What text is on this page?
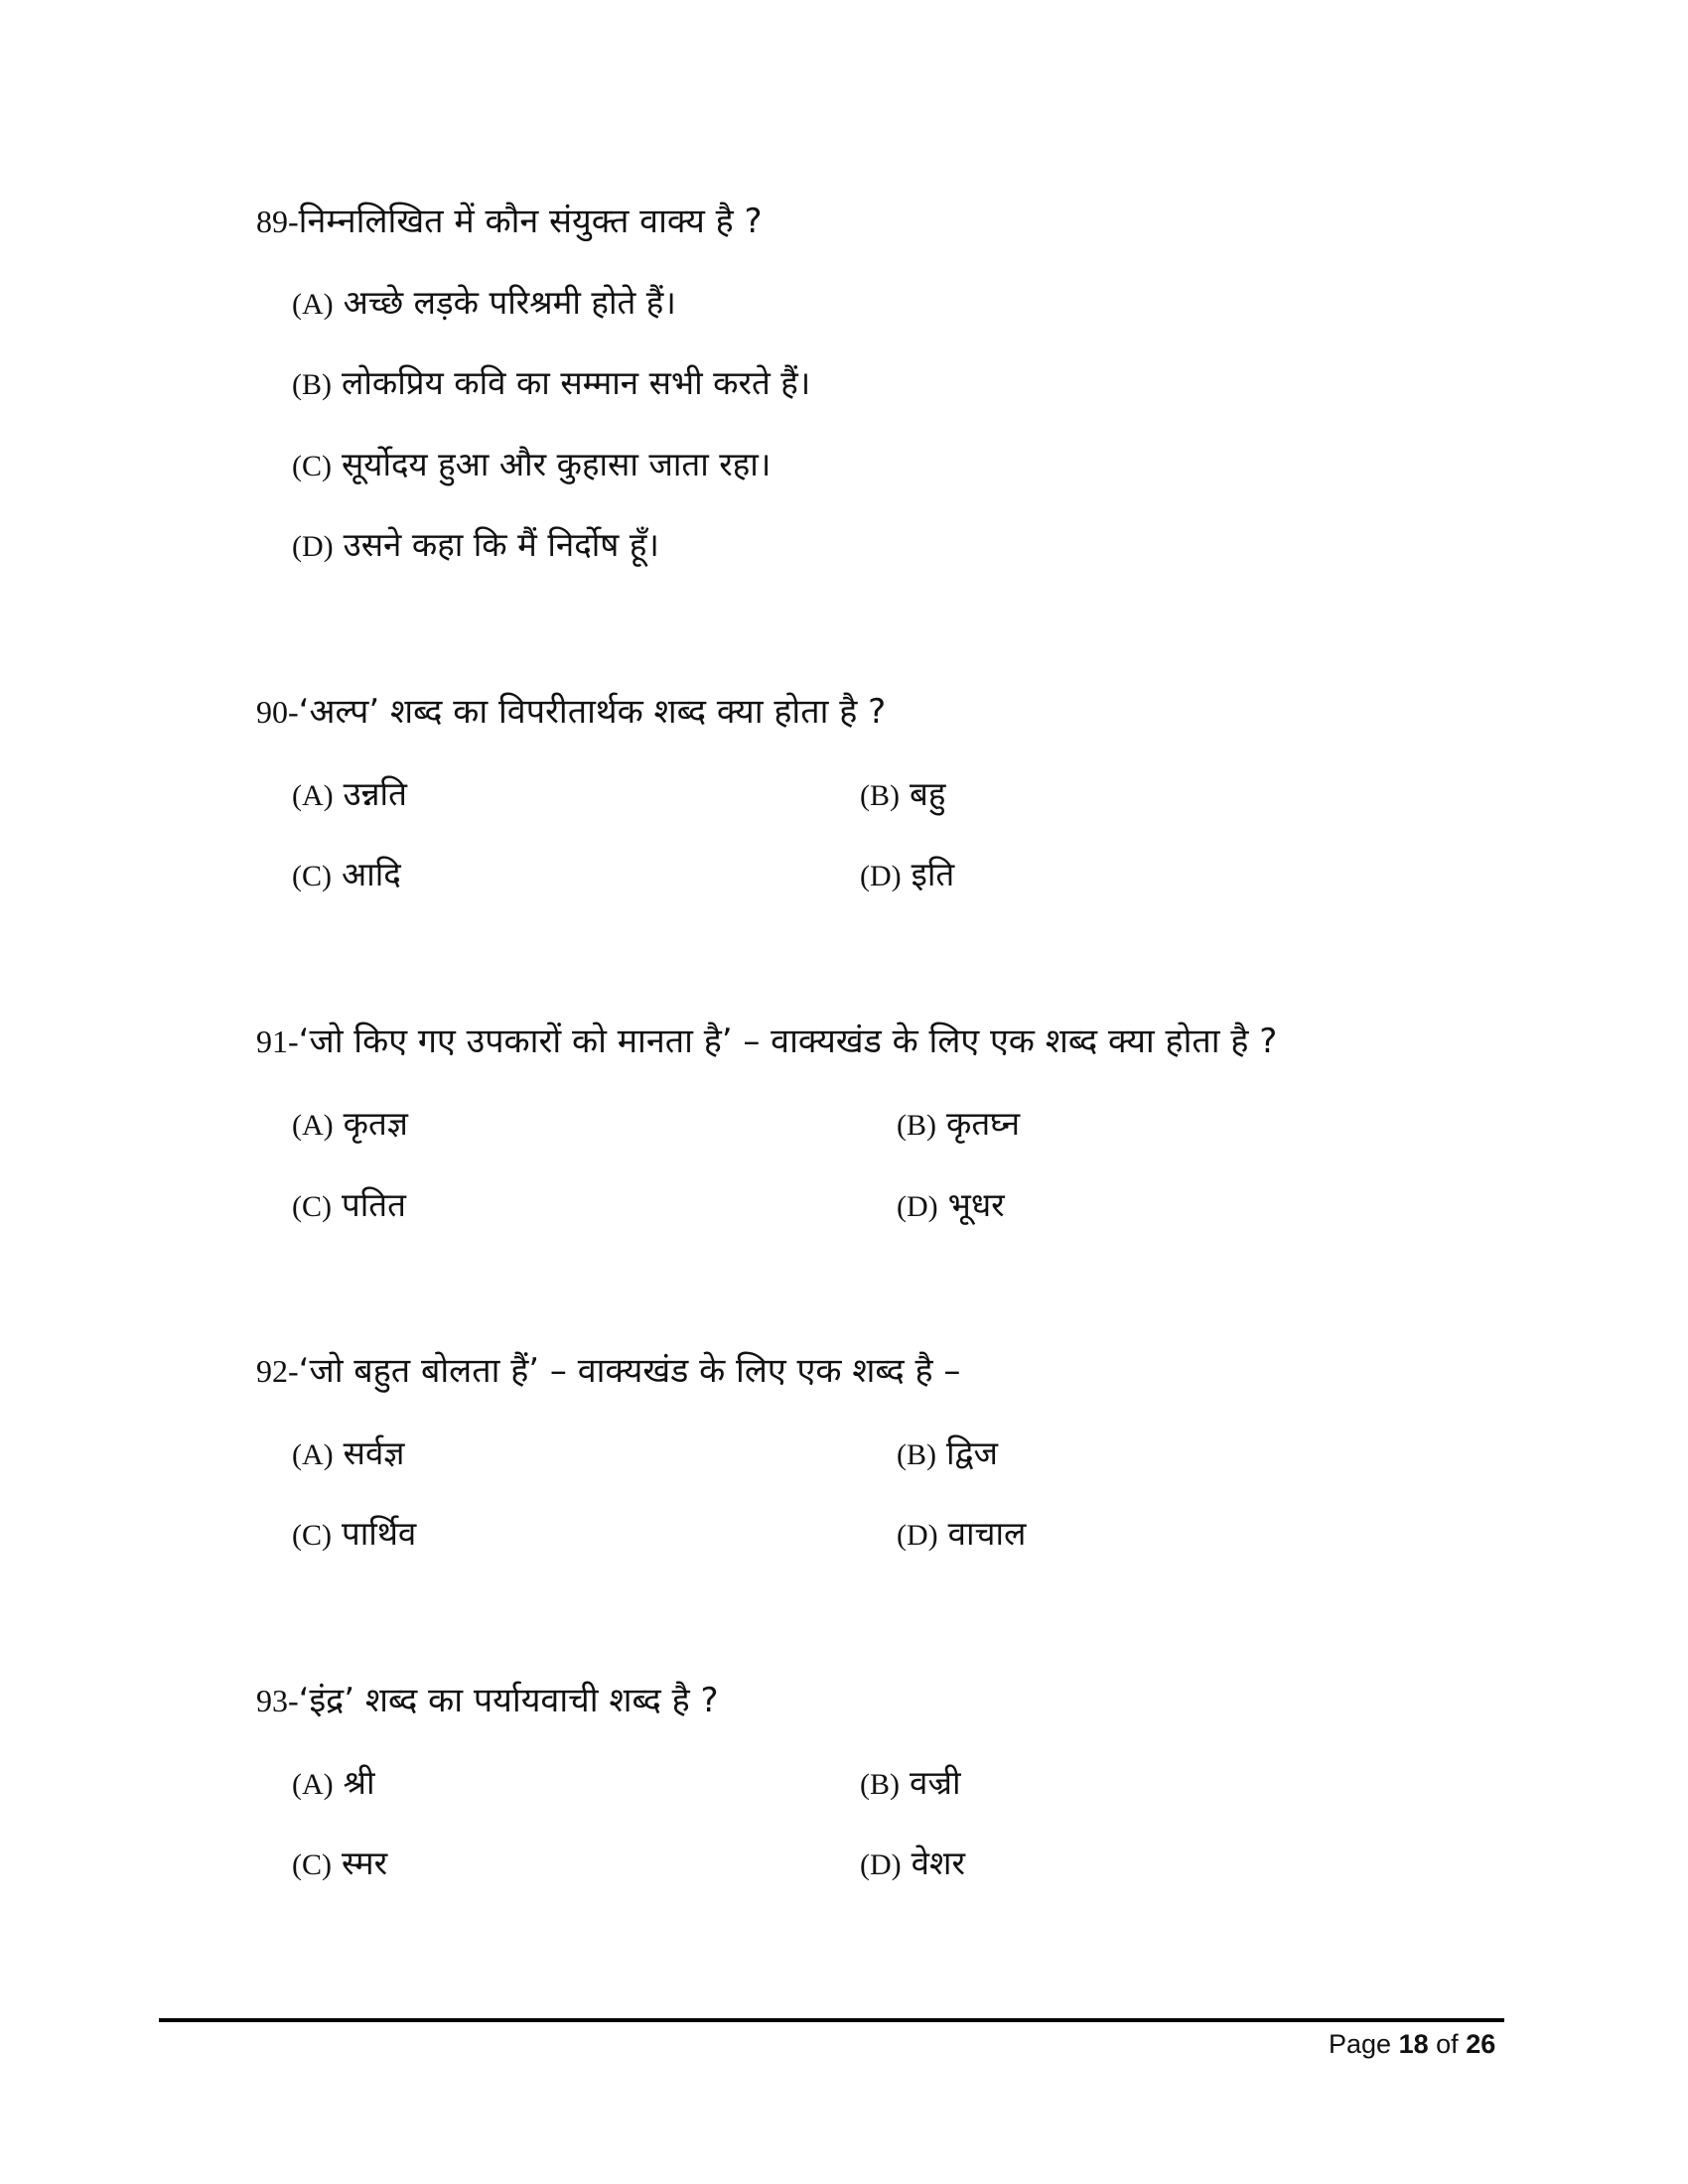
89-निम्नलिखित में कौन संयुक्त वाक्य है ?
(A) अच्छे लड़के परिश्रमी होते हैं।
(B) लोकप्रिय कवि का सम्मान सभी करते हैं।
(C) सूर्योदय हुआ और कुहासा जाता रहा।
(D) उसने कहा कि मैं निर्दोष हूँ।
90-‘अल्प’ शब्द का विपरीतार्थक शब्द क्या होता है ?
(A) उन्नति	(B) बहु
(C) आदि	(D) इति
91-‘जो किए गए उपकारों को मानता है’ – वाक्यखंड के लिए एक शब्द क्या होता है ?
(A) कृतज्ञ	(B) कृतघ्न
(C) पतित	(D) भूधर
92-‘जो बहुत बोलता हैं’ – वाक्यखंड के लिए एक शब्द है –
(A) सर्वज्ञ	(B) द्विज
(C) पार्थिव	(D) वाचाल
93-‘इंद्र’ शब्द का पर्यायवाची शब्द है ?
(A) श्री	(B) वज्री
(C) स्मर	(D) वेशर
Page 18 of 26
